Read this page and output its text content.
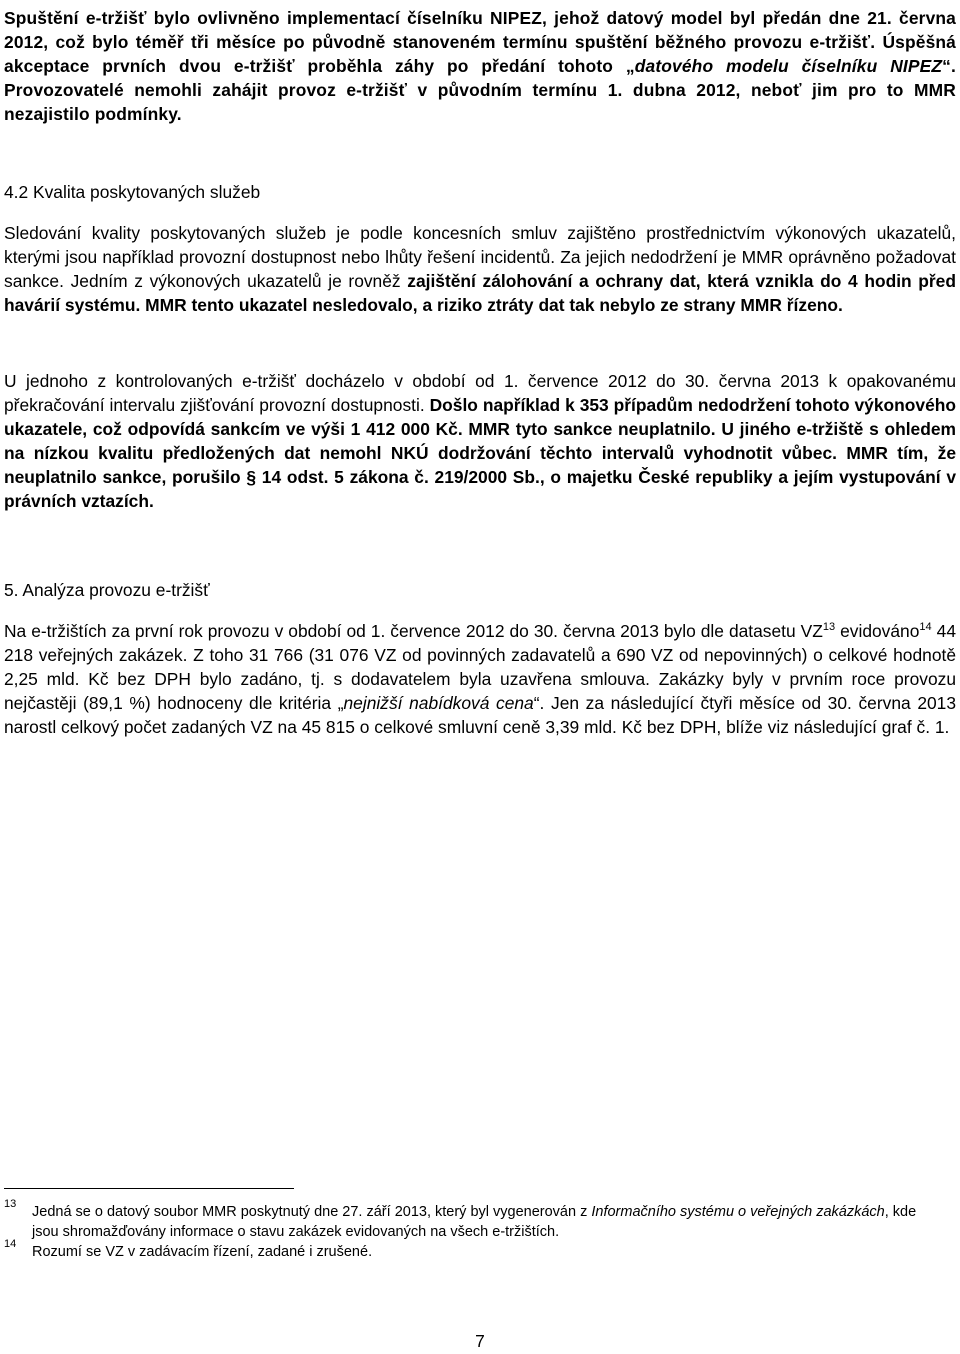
Spuštění e-tržišť bylo ovlivněno implementací číselníku NIPEZ, jehož datový model byl předán dne 21. června 2012, což bylo téměř tři měsíce po původně stanoveném termínu spuštění běžného provozu e-tržišť. Úspěšná akceptace prvních dvou e-tržišť proběhla záhy po předání tohoto „datového modelu číselníku NIPEZ“. Provozovatelé nemohli zahájit provoz e-tržišť v původním termínu 1. dubna 2012, neboť jim pro to MMR nezajistilo podmínky.

4.2 Kvalita poskytovaných služeb

Sledování kvality poskytovaných služeb je podle koncesních smluv zajištěno prostřednictvím výkonových ukazatelů, kterými jsou například provozní dostupnost nebo lhůty řešení incidentů. Za jejich nedodržení je MMR oprávněno požadovat sankce. Jedním z výkonových ukazatelů je rovněž zajištění zálohování a ochrany dat, která vznikla do 4 hodin před havárií systému. MMR tento ukazatel nesledovalo, a riziko ztráty dat tak nebylo ze strany MMR řízeno.

U jednoho z kontrolovaných e-tržišť docházelo v období od 1. července 2012 do 30. června 2013 k opakovanému překračování intervalu zjišťování provozní dostupnosti. Došlo například k 353 případům nedodržení tohoto výkonového ukazatele, což odpovídá sankcím ve výši 1 412 000 Kč. MMR tyto sankce neuplatnilo. U jiného e-tržiště s ohledem na nízkou kvalitu předložených dat nemohl NKÚ dodržování těchto intervalů vyhodnotit vůbec. MMR tím, že neuplatnilo sankce, porušilo § 14 odst. 5 zákona č. 219/2000 Sb., o majetku České republiky a jejím vystupování v právních vztazích.

5. Analýza provozu e-tržišť

Na e-tržištích za první rok provozu v období od 1. července 2012 do 30. června 2013 bylo dle datasetu VZ$^{13}$ evidováno$^{14}$ 44 218 veřejných zakázek. Z toho 31 766 (31 076 VZ od povinných zadavatelů a 690 VZ od nepovinných) o celkové hodnotě 2,25 mld. Kč bez DPH bylo zadáno, tj. s dodavatelem byla uzavřena smlouva. Zakázky byly v prvním roce provozu nejčastěji (89,1 %) hodnoceny dle kritéria „nejnižší nabídková cena“. Jen za následující čtyři měsíce od 30. června 2013 narostl celkový počet zadaných VZ na 45 815 o celkové smluvní ceně 3,39 mld. Kč bez DPH, blíže viz následující graf č. 1.

13 Jedná se o datový soubor MMR poskytnutý dne 27. září 2013, který byl vygenerován z Informačního systému o veřejných zakázkách, kde jsou shromažďovány informace o stavu zakázek evidovaných na všech e-tržištích.
14 Rozumí se VZ v zadávacím řízení, zadané i zrušené.
7
